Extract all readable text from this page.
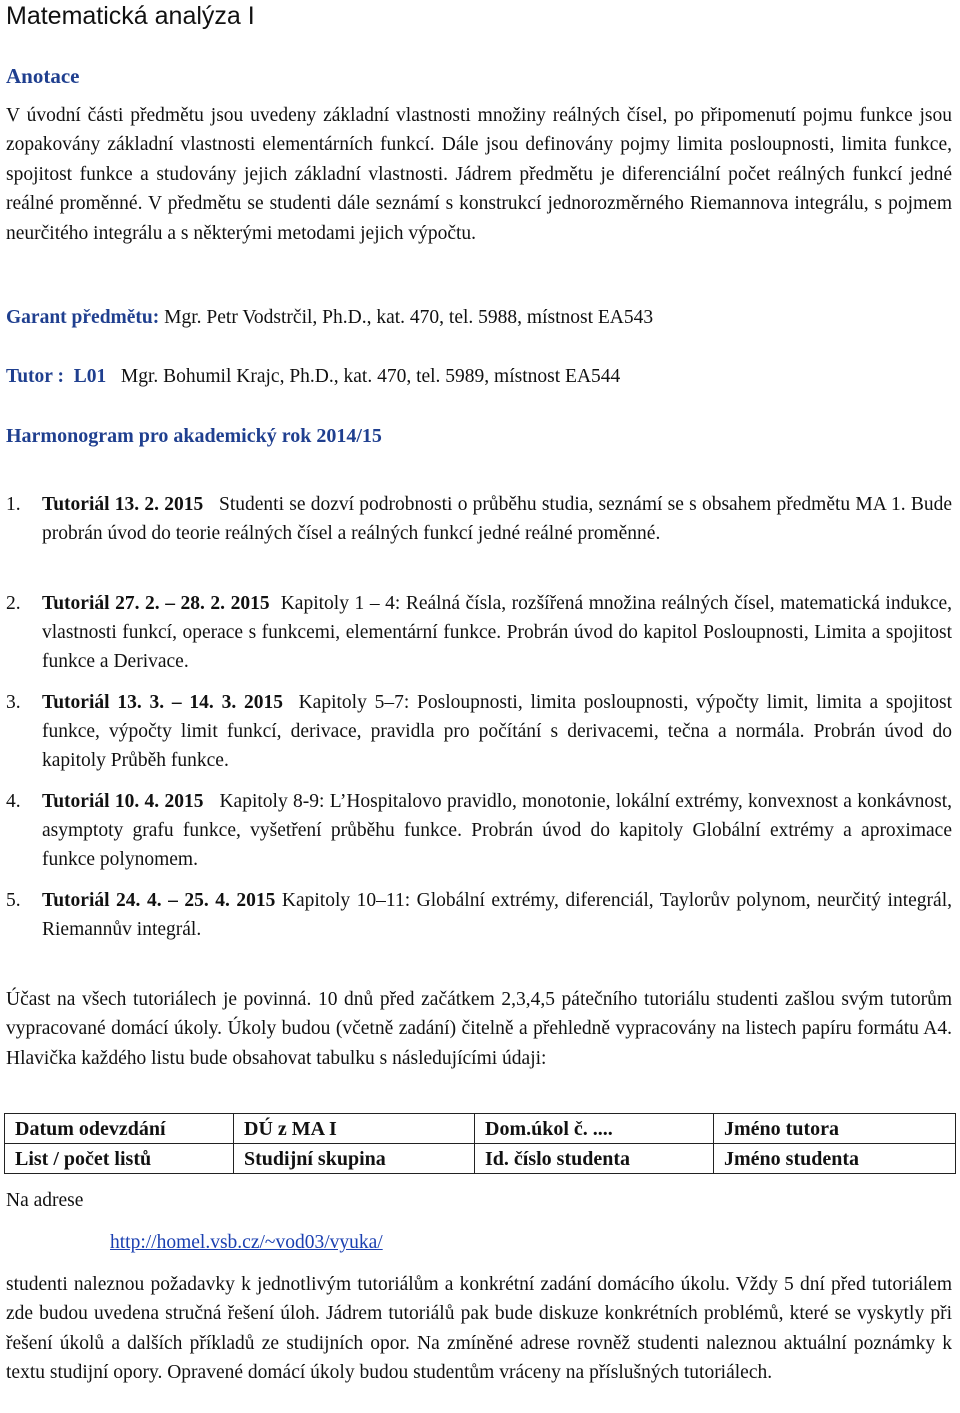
Matematická analýza I
Anotace
V úvodní části předmětu jsou uvedeny základní vlastnosti množiny reálných čísel, po připomenutí pojmu funkce jsou zopakovány základní vlastnosti elementárních funkcí. Dále jsou definovány pojmy limita posloupnosti, limita funkce, spojitost funkce a studovány jejich základní vlastnosti. Jádrem předmětu je diferenciální počet reálných funkcí jedné reálné proměnné. V předmětu se studenti dále seznámí s konstrukcí jednorozměrného Riemannova integrálu, s pojmem neurčitého integrálu a s některými metodami jejich výpočtu.
Garant předmětu: Mgr. Petr Vodstrčil, Ph.D., kat. 470, tel. 5988, místnost EA543
Tutor : L01 Mgr. Bohumil Krajc, Ph.D., kat. 470, tel. 5989, místnost EA544
Harmonogram pro akademický rok 2014/15
1.	Tutoriál 13. 2. 2015 Studenti se dozví podrobnosti o průběhu studia, seznámí se s obsahem předmětu MA 1. Bude probrán úvod do teorie reálných čísel a reálných funkcí jedné reálné proměnné.
2.	Tutoriál 27. 2. – 28. 2. 2015 Kapitoly 1 – 4: Reálná čísla, rozšířená množina reálných čísel, matematická indukce, vlastnosti funkcí, operace s funkcemi, elementární funkce. Probrán úvod do kapitol Posloupnosti, Limita a spojitost funkce a Derivace.
3.	Tutoriál 13. 3. – 14. 3. 2015 Kapitoly 5–7: Posloupnosti, limita posloupnosti, výpočty limit, limita a spojitost funkce, výpočty limit funkcí, derivace, pravidla pro počítání s derivacemi, tečna a normála. Probrán úvod do kapitoly Průběh funkce.
4.	Tutoriál 10. 4. 2015 Kapitoly 8-9: L’Hospitalovo pravidlo, monotonie, lokální extrémy, konvexnost a konkávnost, asymptoty grafu funkce, vyšetření průběhu funkce. Probrán úvod do kapitoly Globální extrémy a aproximace funkce polynomem.
5.	Tutoriál 24. 4. – 25. 4. 2015 Kapitoly 10–11: Globální extrémy, diferenciál, Taylorův polynom, neurčitý integrál, Riemannův integrál.
Účast na všech tutoriálech je povinná. 10 dnů před začátkem 2,3,4,5 pátečního tutoriálu studenti zašlou svým tutorům vypracované domácí úkoly. Úkoly budou (včetně zadání) čitelně a přehledně vypracovány na listech papíru formátu A4. Hlavička každého listu bude obsahovat tabulku s následujícími údaji:
Datum odevzdání	DÚ z MA I	Dom.úkol č. ....	Jméno tutora
List / počet listů	Studijní skupina	Id. číslo studenta	Jméno studenta
Na adrese
http://homel.vsb.cz/~vod03/vyuka/
studenti naleznou požadavky k jednotlivým tutoriálům a konkrétní zadání domácího úkolu. Vždy 5 dní před tutoriálem zde budou uvedena stručná řešení úloh. Jádrem tutoriálů pak bude diskuze konkrétních problémů, které se vyskytly při řešení úkolů a dalších příkladů ze studijních opor. Na zmíněné adrese rovněž studenti naleznou aktuální poznámky k textu studijní opory. Opravené domácí úkoly budou studentům vráceny na příslušných tutoriálech.
